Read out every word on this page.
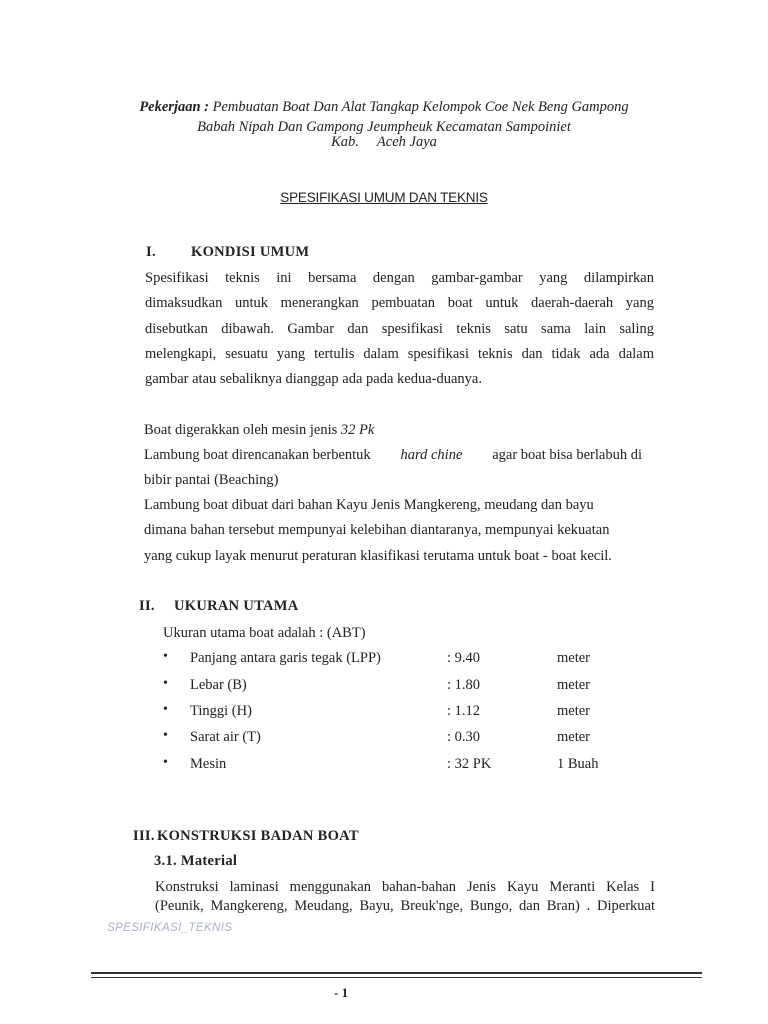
Pekerjaan : Pembuatan Boat Dan Alat Tangkap Kelompok Coe Nek Beng Gampong
Babah Nipah Dan Gampong Jeumpheuk Kecamatan Sampoiniet
Kab. Aceh Jaya
SPESIFIKASI UMUM DAN TEKNIS
I. KONDISI UMUM
Spesifikasi teknis ini bersama dengan gambar-gambar yang dilampirkan
dimaksudkan untuk menerangkan pembuatan boat untuk daerah-daerah yang
disebutkan dibawah. Gambar dan spesifikasi teknis satu sama lain saling
melengkapi, sesuatu yang tertulis dalam spesifikasi teknis dan tidak ada dalam
gambar atau sebaliknya dianggap ada pada kedua-duanya.
Boat digerakkan oleh mesin jenis 32 Pk
Lambung boat direncanakan berbentuk hard chine agar boat bisa berlabuh di
bibir pantai (Beaching)
Lambung boat dibuat dari bahan Kayu Jenis Mangkereng, meudang dan bayu
dimana bahan tersebut mempunyai kelebihan diantaranya, mempunyai kekuatan
yang cukup layak menurut peraturan klasifikasi terutama untuk boat - boat kecil.
II. UKURAN UTAMA
Ukuran utama boat adalah : (ABT)
• Panjang antara garis tegak (LPP)	: 9.40	meter
• Lebar (B)	: 1.80	meter
• Tinggi (H)	: 1.12	meter
• Sarat air (T)	: 0.30	meter
• Mesin	: 32 PK	1 Buah
III. KONSTRUKSI BADAN BOAT
3.1. Material
Konstruksi laminasi menggunakan bahan-bahan Jenis Kayu Meranti Kelas I
(Peunik, Mangkereng, Meudang, Bayu, Breuk'nge, Bungo, dan Bran) . Diperkuat
SPESIFIKASI_TEKNIS
- 1
